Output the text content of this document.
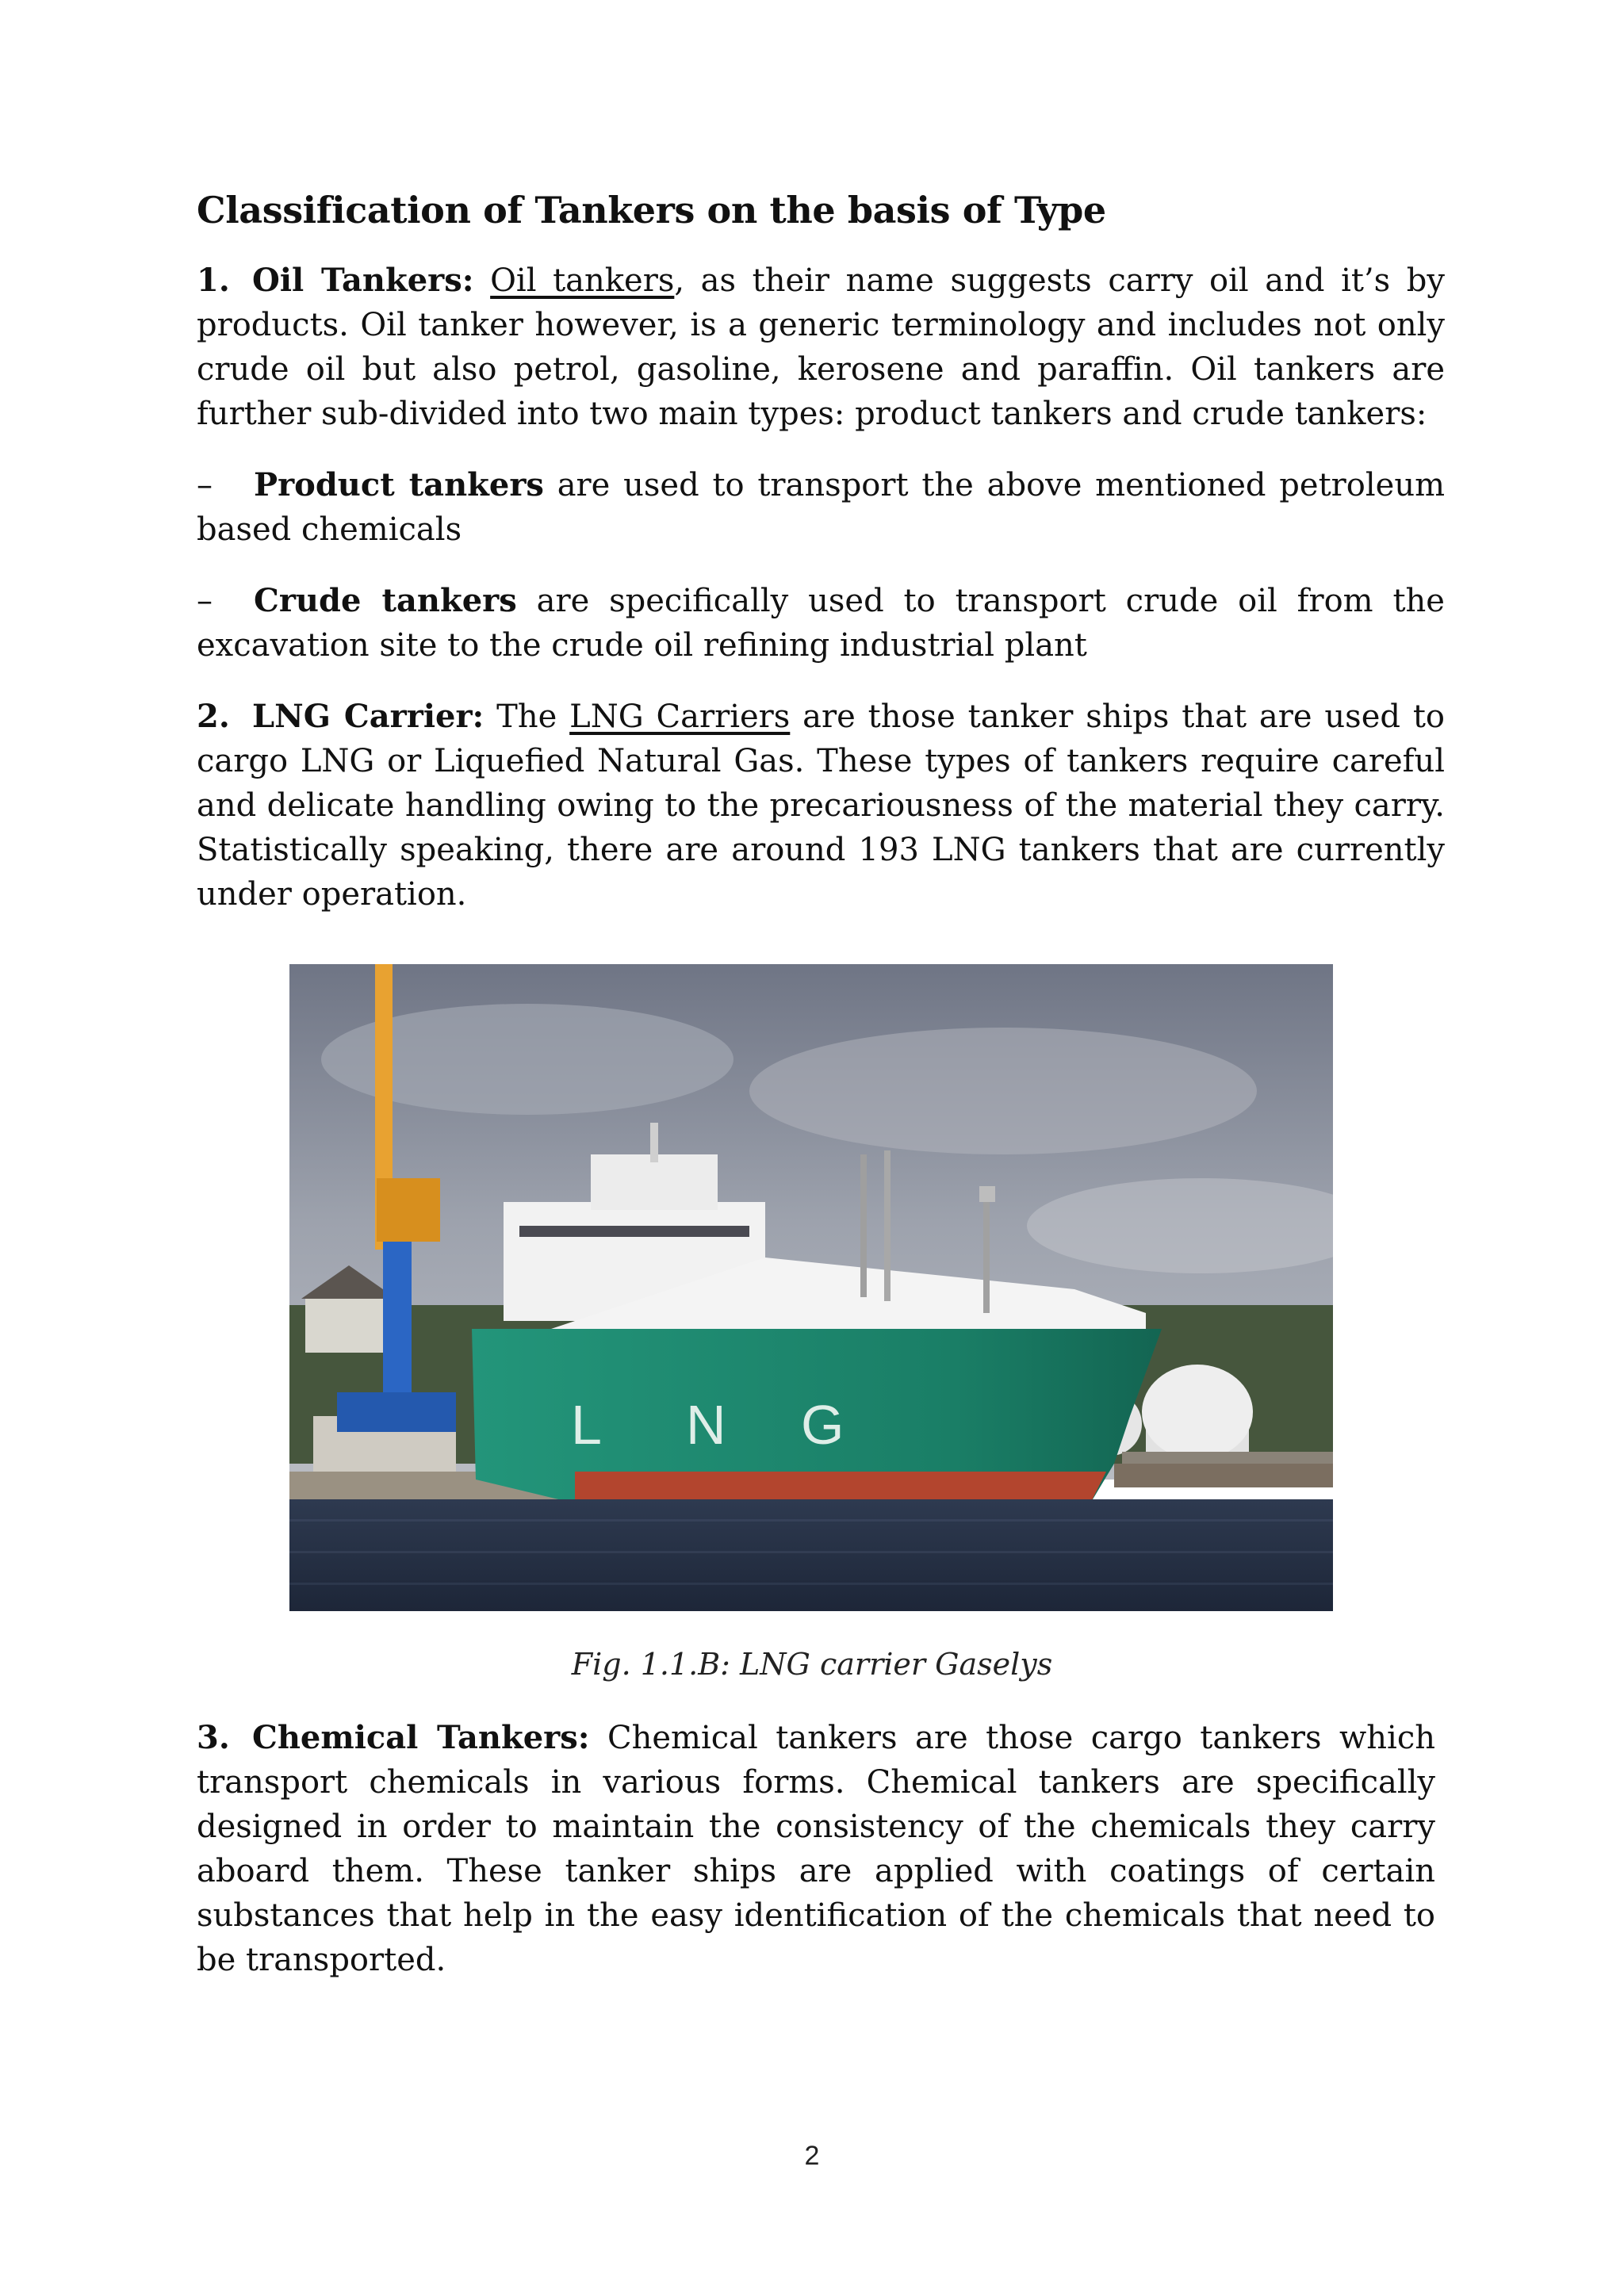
Classification of Tankers on the basis of Type

1. Oil Tankers: Oil tankers, as their name suggests carry oil and it’s by products. Oil tanker however, is a generic terminology and includes not only crude oil but also petrol, gasoline, kerosene and paraffin. Oil tankers are further sub-divided into two main types: product tankers and crude tankers:

– Product tankers are used to transport the above mentioned petroleum based chemicals

– Crude tankers are specifically used to transport crude oil from the excavation site to the crude oil refining industrial plant

2. LNG Carrier: The LNG Carriers are those tanker ships that are used to cargo LNG or Liquefied Natural Gas. These types of tankers require careful and delicate handling owing to the precariousness of the material they carry. Statistically speaking, there are around 193 LNG tankers that are currently under operation.

L N G
Fig. 1.1.B: LNG carrier Gaselys

3. Chemical Tankers: Chemical tankers are those cargo tankers which transport chemicals in various forms. Chemical tankers are specifically designed in order to maintain the consistency of the chemicals they carry aboard them. These tanker ships are applied with coatings of certain substances that help in the easy identification of the chemicals that need to be transported.

2
